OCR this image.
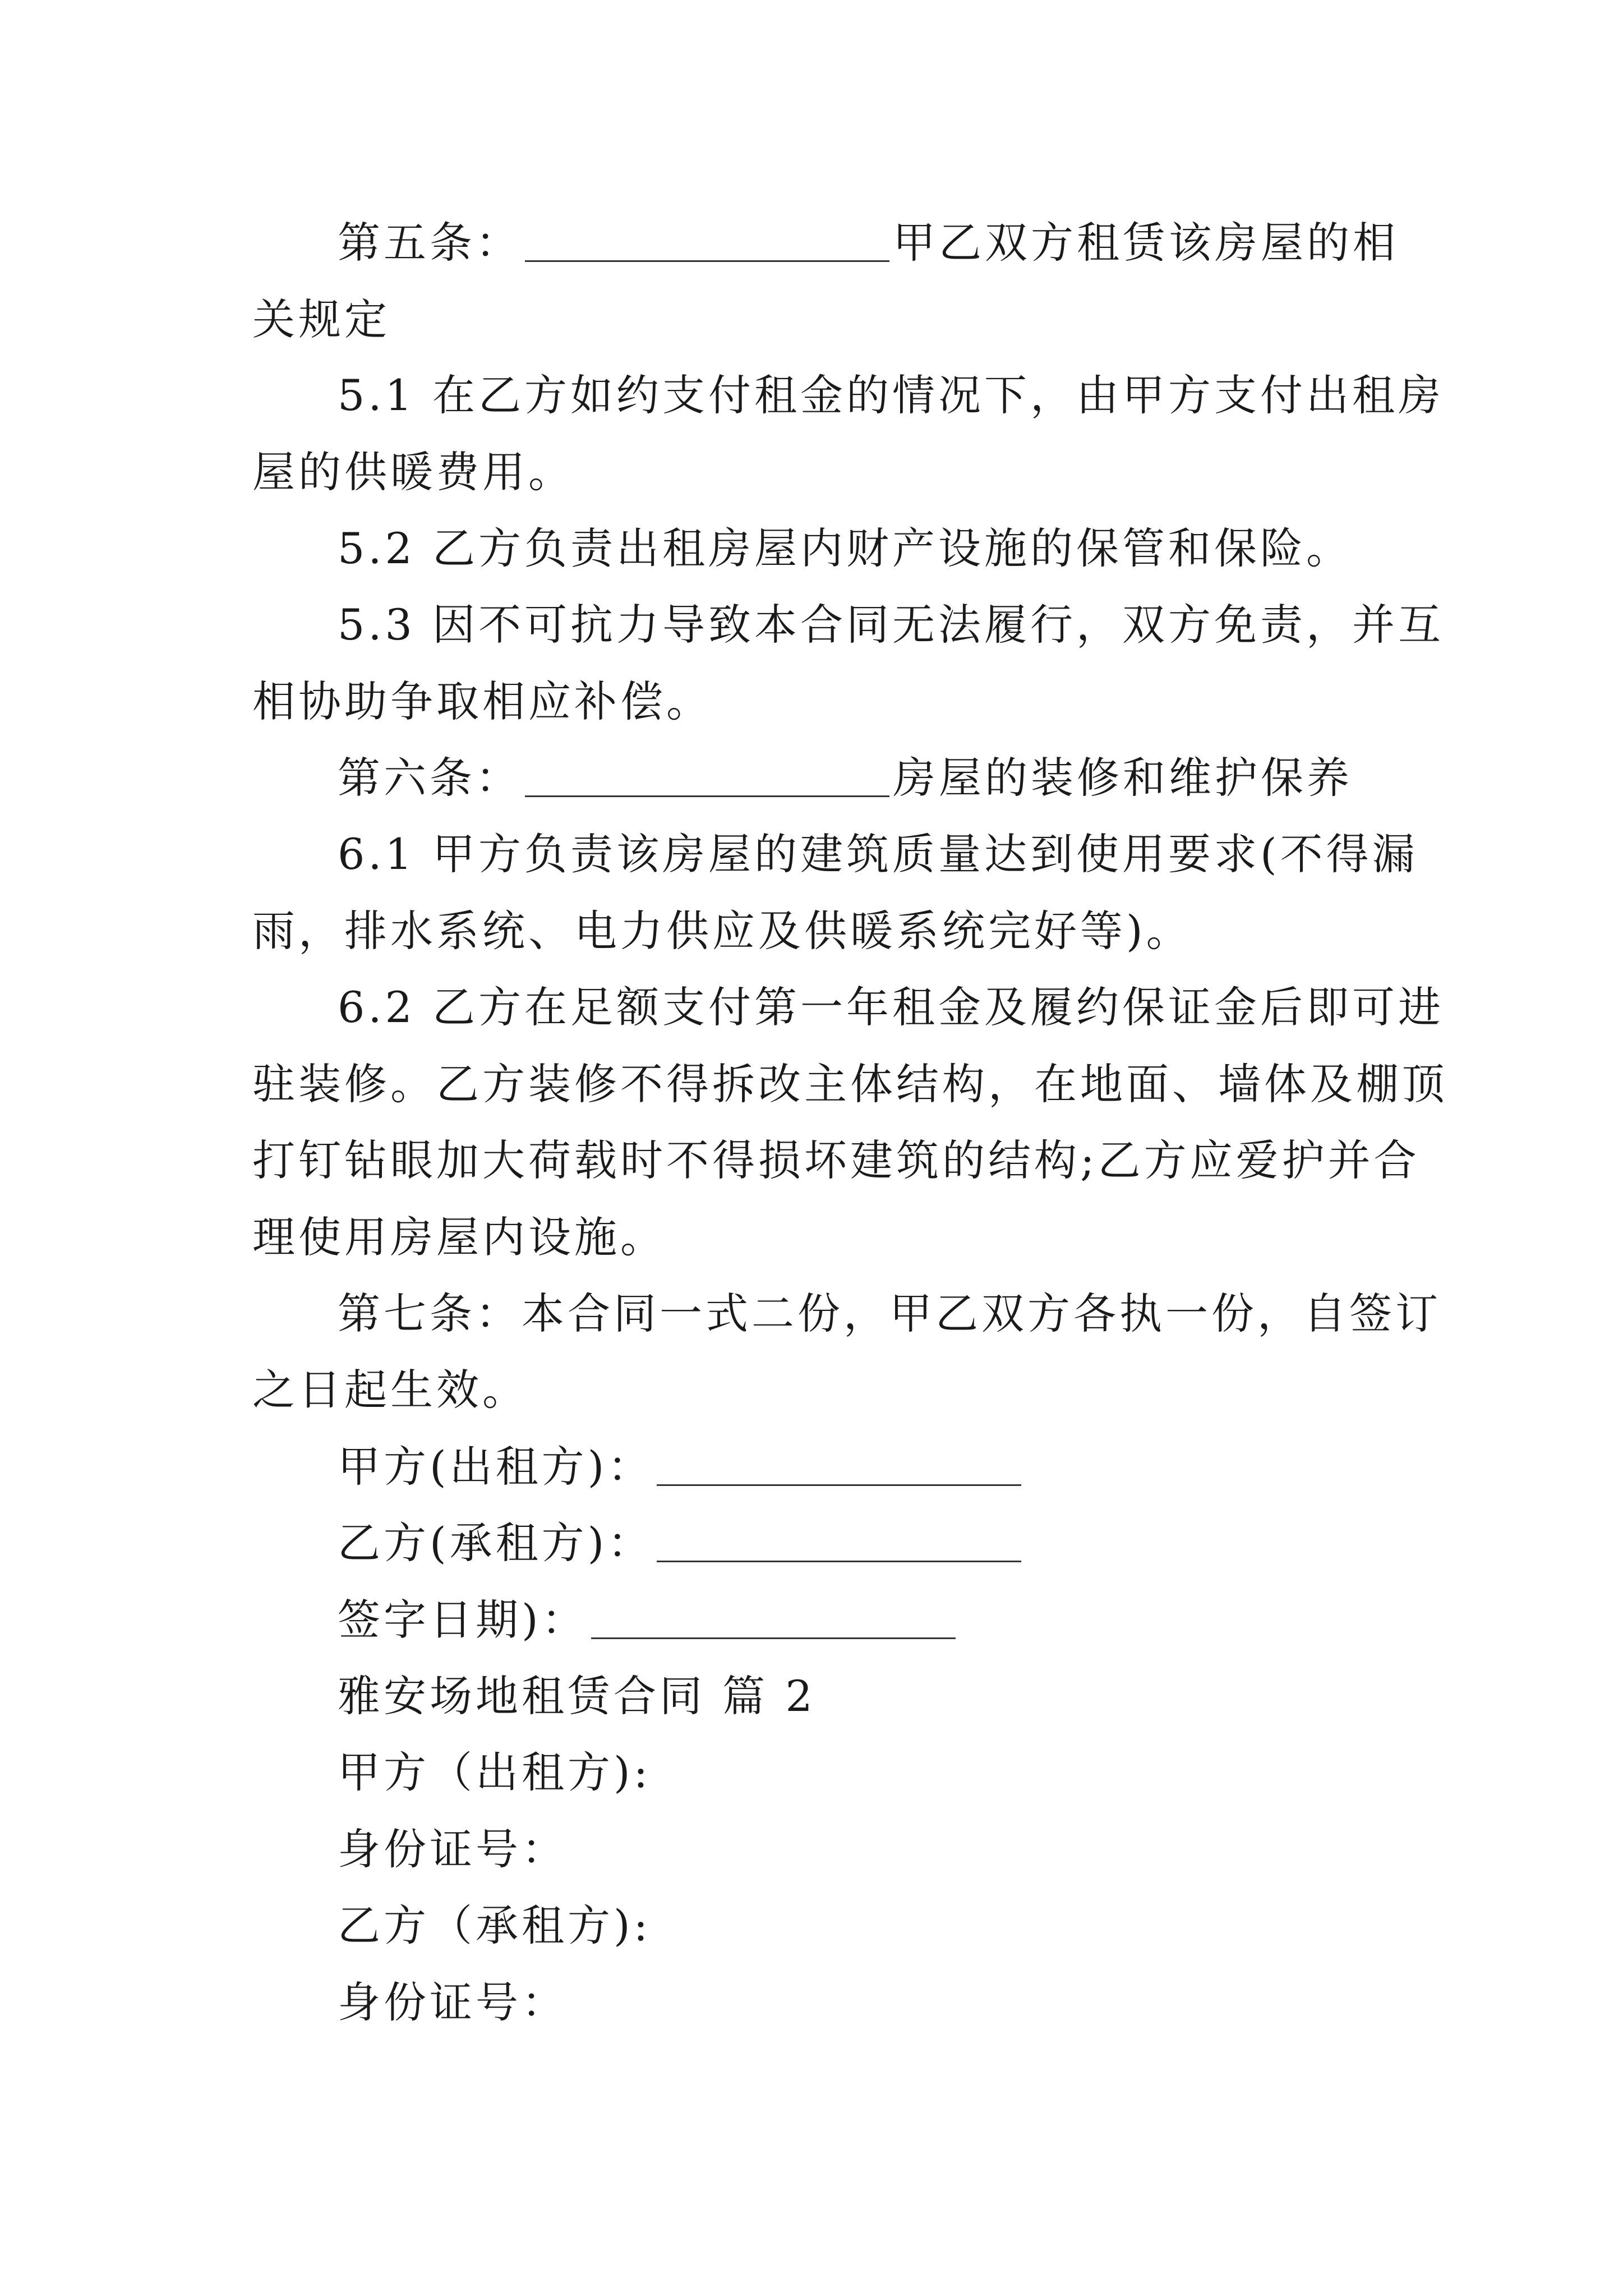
第五条：	甲乙双方租赁该房屋的相
关规定
5.1 在乙方如约支付租金的情况下，由甲方支付出租房
屋的供暖费用。
5.2 乙方负责出租房屋内财产设施的保管和保险。
5.3 因不可抗力导致本合同无法履行，双方免责，并互
相协助争取相应补偿。
第六条：	房屋的装修和维护保养
6.1 甲方负责该房屋的建筑质量达到使用要求(不得漏
雨，排水系统、电力供应及供暖系统完好等)。
6.2 乙方在足额支付第一年租金及履约保证金后即可进
驻装修。乙方装修不得拆改主体结构，在地面、墙体及棚顶
打钉钻眼加大荷载时不得损坏建筑的结构;乙方应爱护并合
理使用房屋内设施。
第七条：本合同一式二份，甲乙双方各执一份，自签订
之日起生效。
甲方(出租方)：
乙方(承租方)：
签字日期)：
雅安场地租赁合同 篇 2
甲方（出租方):
身份证号：
乙方（承租方):
身份证号：
